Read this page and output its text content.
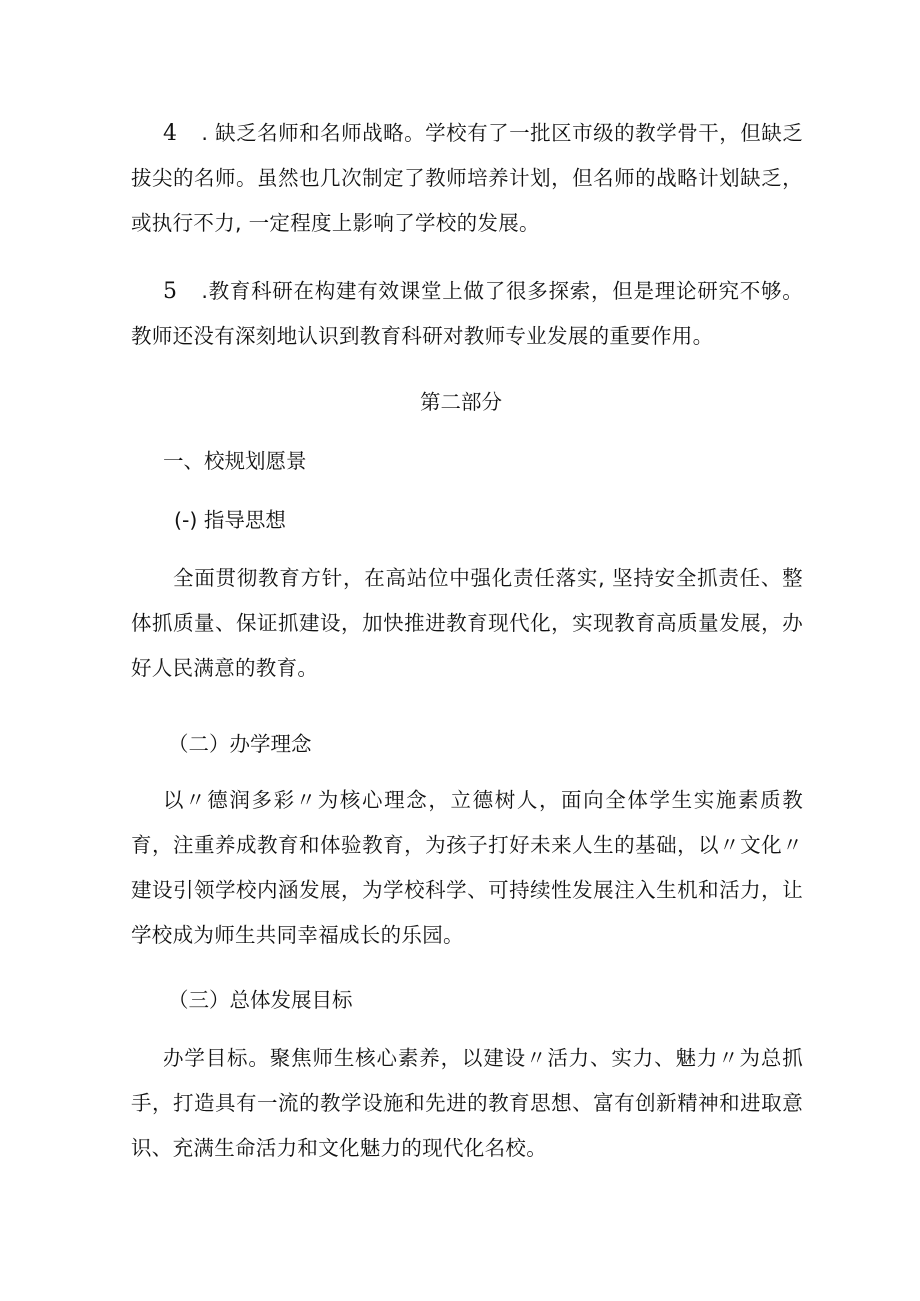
4 . 缺乏名师和名师战略。学校有了一批区市级的教学骨干，但缺乏拔尖的名师。虽然也几次制定了教师培养计划，但名师的战略计划缺乏，或执行不力, 一定程度上影响了学校的发展。

5 .教育科研在构建有效课堂上做了很多探索，但是理论研究不够。教师还没有深刻地认识到教育科研对教师专业发展的重要作用。

第二部分
一、校规划愿景
(-) 指导思想

全面贯彻教育方针，在高站位中强化责任落实, 坚持安全抓责任、整体抓质量、保证抓建设，加快推进教育现代化，实现教育高质量发展，办好人民满意的教育。

（二）办学理念

以〃德润多彩〃为核心理念，立德树人，面向全体学生实施素质教育，注重养成教育和体验教育，为孩子打好未来人生的基础，以〃文化〃建设引领学校内涵发展，为学校科学、可持续性发展注入生机和活力，让学校成为师生共同幸福成长的乐园。

（三）总体发展目标

办学目标。聚焦师生核心素养，以建设〃活力、实力、魅力〃为总抓手，打造具有一流的教学设施和先进的教育思想、富有创新精神和进取意识、充满生命活力和文化魅力的现代化名校。
